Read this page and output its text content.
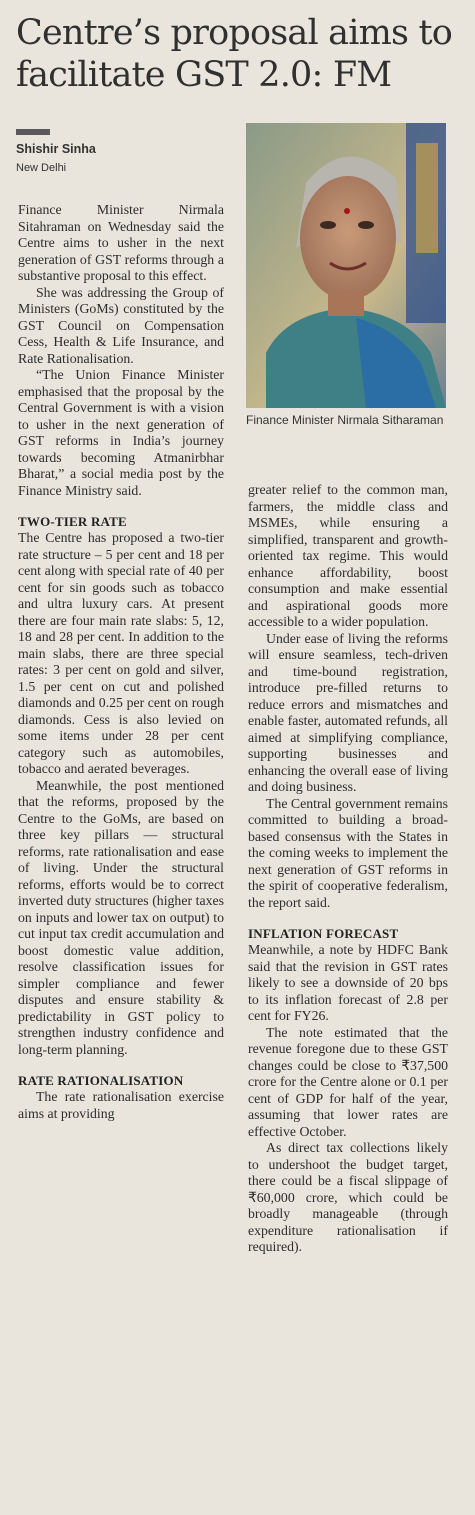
Centre’s proposal aims to facilitate GST 2.0: FM
Shishir Sinha
New Delhi
Finance Minister Nirmala Sitharaman

Finance Minister Nirmala Sitahraman on Wednesday said the Centre aims to usher in the next generation of GST reforms through a substantive proposal to this effect.

She was addressing the Group of Ministers (GoMs) constituted by the GST Council on Compensation Cess, Health & Life Insurance, and Rate Rationalisation.

“The Union Finance Minister emphasised that the proposal by the Central Government is with a vision to usher in the next generation of GST reforms in India’s journey towards becoming Atmanirbhar Bharat,” a social media post by the Finance Ministry said.

TWO-TIER RATE

The Centre has proposed a two-tier rate structure – 5 per cent and 18 per cent along with special rate of 40 per cent for sin goods such as tobacco and ultra luxury cars. At present there are four main rate slabs: 5, 12, 18 and 28 per cent. In addition to the main slabs, there are three special rates: 3 per cent on gold and silver, 1.5 per cent on cut and polished diamonds and 0.25 per cent on rough diamonds. Cess is also levied on some items under 28 per cent category such as automobiles, tobacco and aerated beverages.

Meanwhile, the post mentioned that the reforms, proposed by the Centre to the GoMs, are based on three key pillars — structural reforms, rate rationalisation and ease of living. Under the structural reforms, efforts would be to correct inverted duty structures (higher taxes on inputs and lower tax on output) to cut input tax credit accumulation and boost domestic value addition, resolve classification issues for simpler compliance and fewer disputes and ensure stability & predictability in GST policy to strengthen industry confidence and long-term planning.

RATE RATIONALISATION

The rate rationalisation exercise aims at providing

greater relief to the common man, farmers, the middle class and MSMEs, while ensuring a simplified, transparent and growth-oriented tax regime. This would enhance affordability, boost consumption and make essential and aspirational goods more accessible to a wider population.

Under ease of living the reforms will ensure seamless, tech-driven and time-bound registration, introduce pre-filled returns to reduce errors and mismatches and enable faster, automated refunds, all aimed at simplifying compliance, supporting businesses and enhancing the overall ease of living and doing business.

The Central government remains committed to building a broad-based consensus with the States in the coming weeks to implement the next generation of GST reforms in the spirit of cooperative federalism, the report said.

INFLATION FORECAST

Meanwhile, a note by HDFC Bank said that the revision in GST rates likely to see a downside of 20 bps to its inflation forecast of 2.8 per cent for FY26.

The note estimated that the revenue foregone due to these GST changes could be close to ₹37,500 crore for the Centre alone or 0.1 per cent of GDP for half of the year, assuming that lower rates are effective October.

As direct tax collections likely to undershoot the budget target, there could be a fiscal slippage of ₹60,000 crore, which could be broadly manageable (through expenditure rationalisation if required).
